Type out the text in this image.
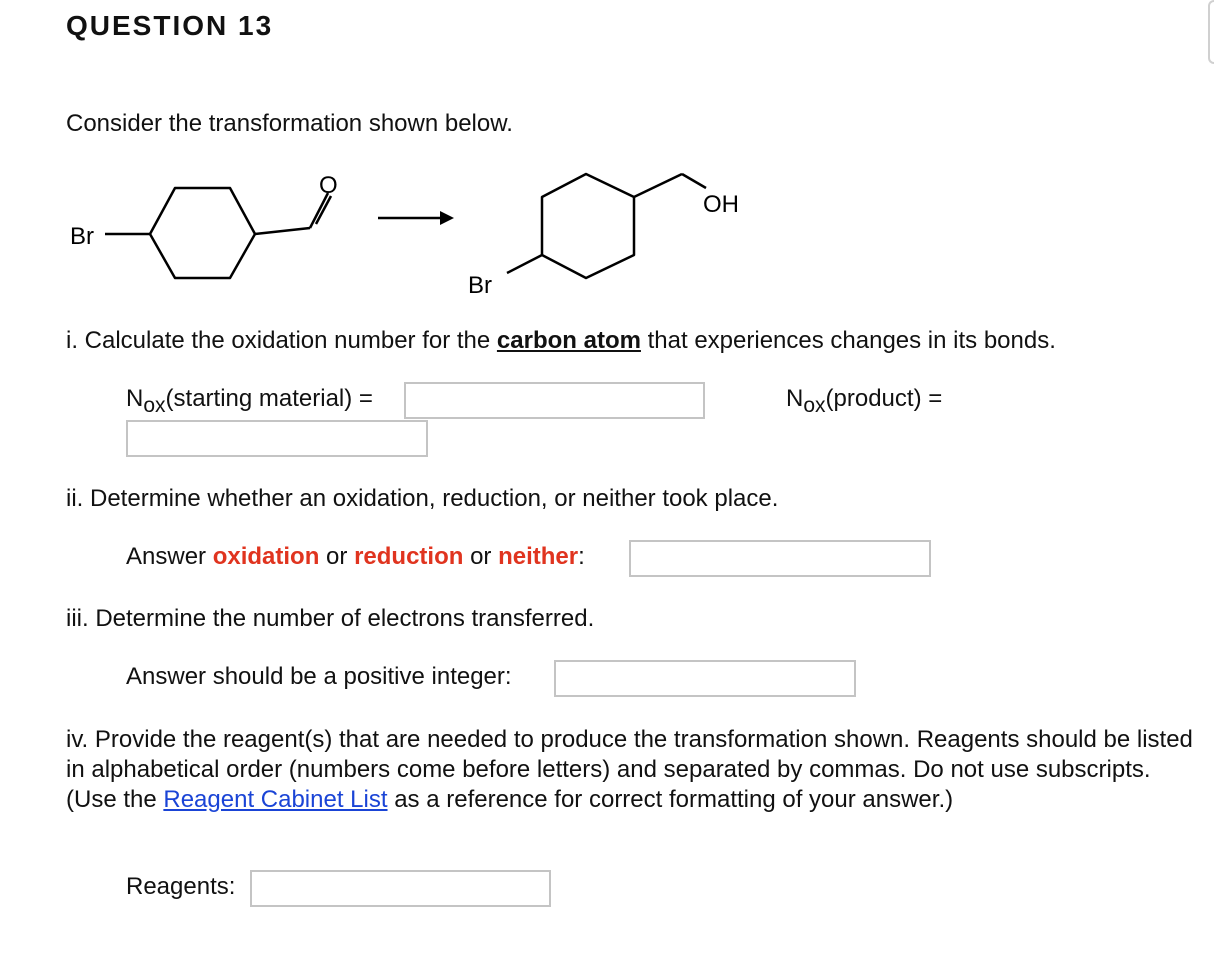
QUESTION 13
Consider the transformation shown below.
Br
O
OH
Br
i. Calculate the oxidation number for the carbon atom that experiences changes in its bonds.
Nox(starting material) =	Nox(product) =
ii. Determine whether an oxidation, reduction, or neither took place.
Answer oxidation or reduction or neither:
iii. Determine the number of electrons transferred.
Answer should be a positive integer:
iv. Provide the reagent(s) that are needed to produce the transformation shown. Reagents should be listed in alphabetical order (numbers come before letters) and separated by commas. Do not use subscripts. (Use the Reagent Cabinet List as a reference for correct formatting of your answer.)
Reagents:
